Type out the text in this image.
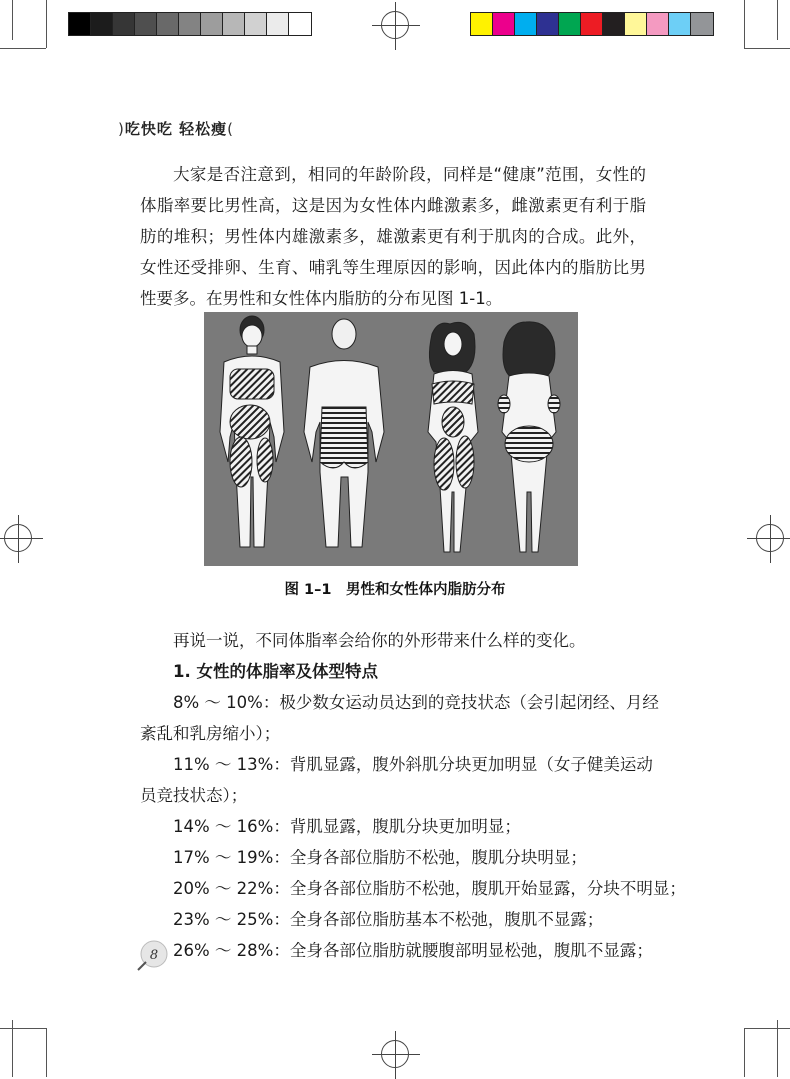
)吃快吃 轻松瘦(

大家是否注意到，相同的年龄阶段，同样是“健康”范围，女性的体脂率要比男性高，这是因为女性体内雌激素多，雌激素更有利于脂肪的堆积；男性体内雄激素多，雄激素更有利于肌肉的合成。此外，女性还受排卵、生育、哺乳等生理原因的影响，因此体内的脂肪比男性要多。在男性和女性体内脂肪的分布见图 1-1。

图 1–1　男性和女性体内脂肪分布
再说一说，不同体脂率会给你的外形带来什么样的变化。
1. 女性的体脂率及体型特点
8% ～ 10%：极少数女运动员达到的竞技状态（会引起闭经、月经
紊乱和乳房缩小）；
11% ～ 13%：背肌显露，腹外斜肌分块更加明显（女子健美运动
员竞技状态）；
14% ～ 16%：背肌显露，腹肌分块更加明显；
17% ～ 19%：全身各部位脂肪不松弛，腹肌分块明显；
20% ～ 22%：全身各部位脂肪不松弛，腹肌开始显露，分块不明显；
23% ～ 25%：全身各部位脂肪基本不松弛，腹肌不显露；
26% ～ 28%：全身各部位脂肪就腰腹部明显松弛，腹肌不显露；
8
